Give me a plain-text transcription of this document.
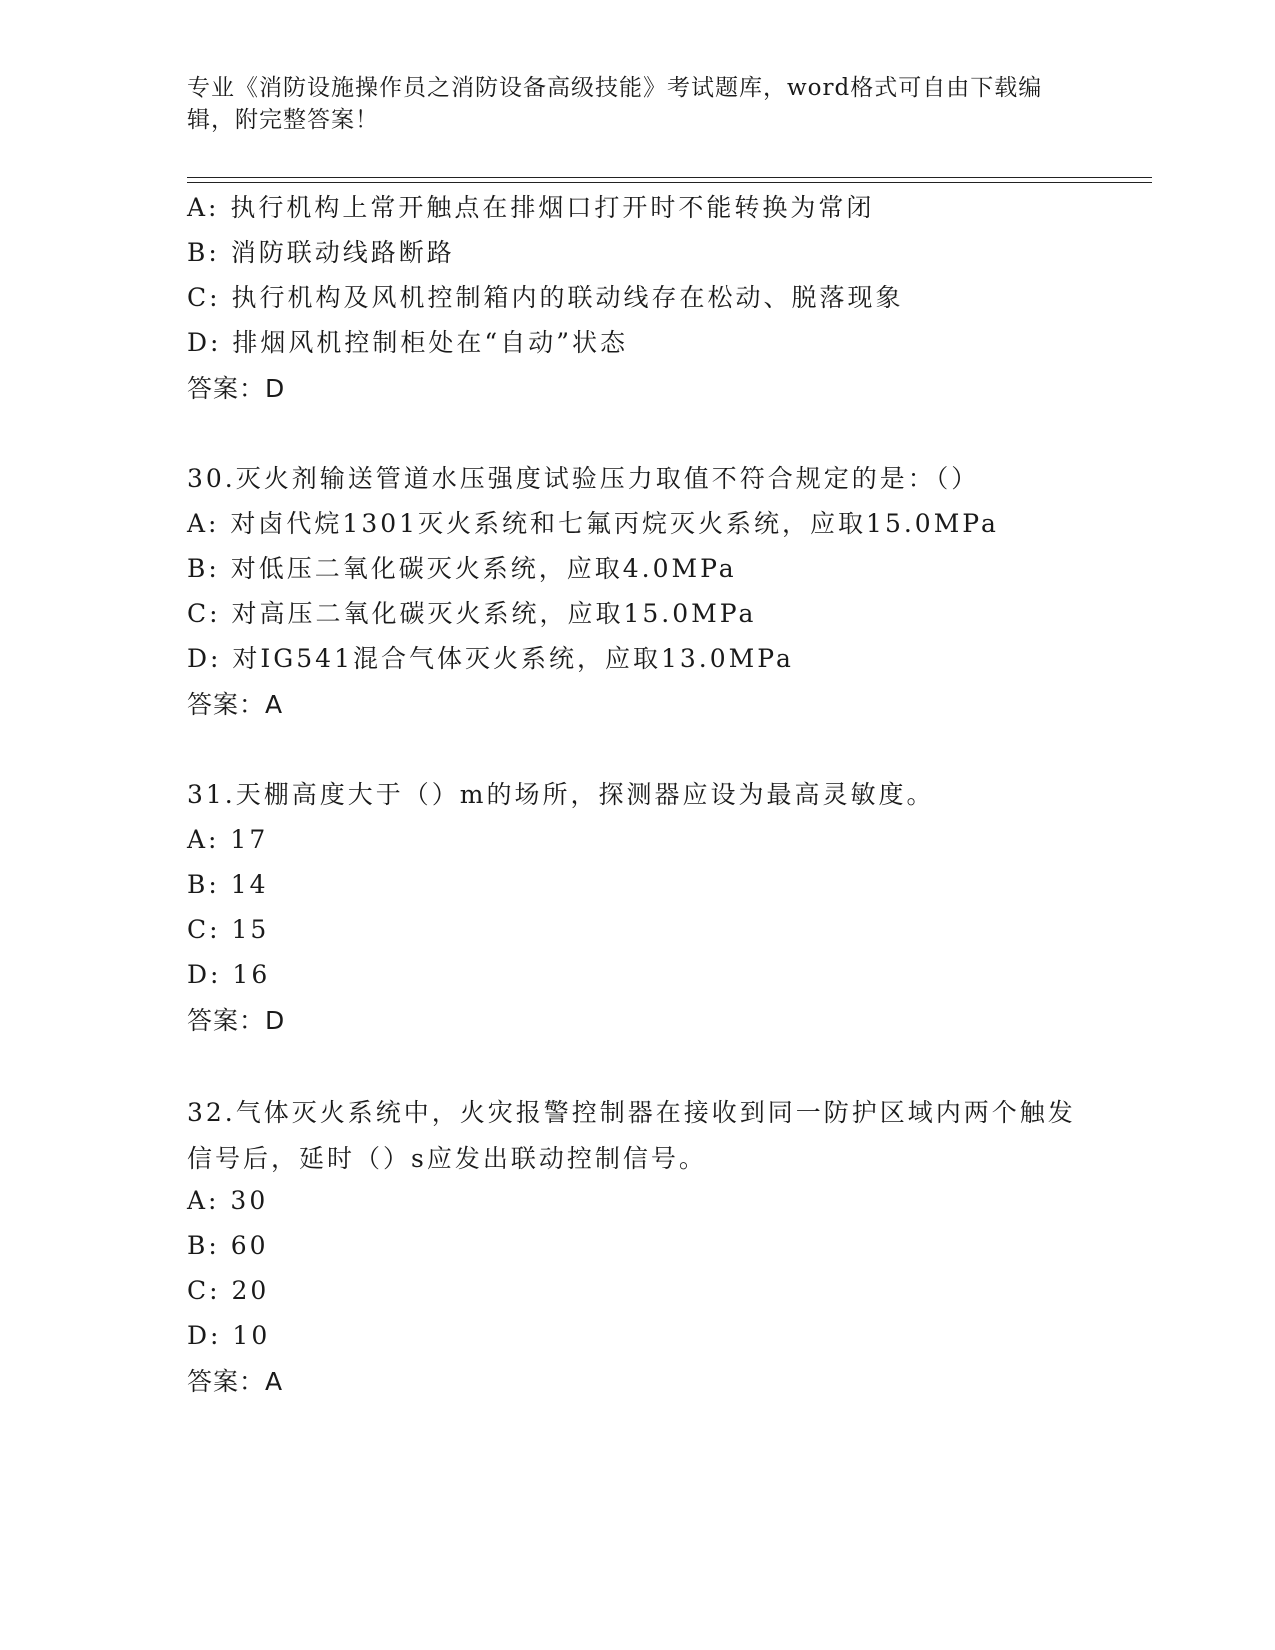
专业《消防设施操作员之消防设备高级技能》考试题库，word格式可自由下载编辑，附完整答案！
A: 执行机构上常开触点在排烟口打开时不能转换为常闭
B: 消防联动线路断路
C: 执行机构及风机控制箱内的联动线存在松动、脱落现象
D: 排烟风机控制柜处在“自动”状态
答案：D
30.灭火剂输送管道水压强度试验压力取值不符合规定的是：（）
A: 对卤代烷1301灭火系统和七氟丙烷灭火系统，应取15.0MPa
B: 对低压二氧化碳灭火系统，应取4.0MPa
C: 对高压二氧化碳灭火系统，应取15.0MPa
D: 对IG541混合气体灭火系统，应取13.0MPa
答案：A
31.天棚高度大于（）m的场所，探测器应设为最高灵敏度。
A: 17
B: 14
C: 15
D: 16
答案：D
32.气体灭火系统中，火灾报警控制器在接收到同一防护区域内两个触发信号后，延时（）s应发出联动控制信号。
A: 30
B: 60
C: 20
D: 10
答案：A
